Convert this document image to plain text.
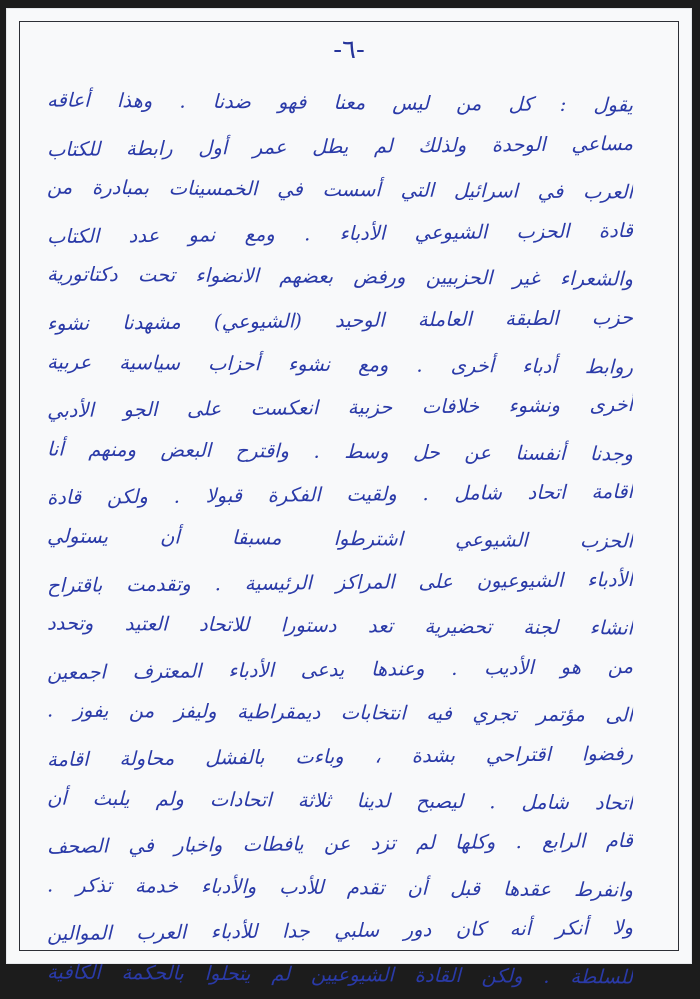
-٦-
يقول : كل من ليس معنا فهو ضدنا . وهذا أعاقه
مساعي الوحدة ولذلك لم يطل عمر أول رابطة للكتاب
العرب في اسرائيل التي أسست في الخمسينات بمبادرة من
قادة الحزب الشيوعي الأدباء . ومع نمو عدد الكتاب
والشعراء غير الحزبيين ورفض بعضهم الانضواء تحت دكتاتورية
حزب الطبقة العاملة الوحيد (الشيوعي) مشهدنا نشوء
روابط أدباء أخرى . ومع نشوء أحزاب سياسية عربية
أخرى ونشوء خلافات حزبية انعكست على الجو الأدبي
وجدنا أنفسنا عن حل وسط . واقترح البعض ومنهم أنا
اقامة اتحاد شامل . ولقيت الفكرة قبولا . ولكن قادة
الحزب الشيوعي اشترطوا مسبقا أن يستولي
الأدباء الشيوعيون على المراكز الرئيسية . وتقدمت باقتراح
انشاء لجنة تحضيرية تعد دستورا للاتحاد العتيد وتحدد
من هو الأديب . وعندها يدعى الأدباء المعترف اجمعين
الى مؤتمر تجري فيه انتخابات ديمقراطية وليفز من يفوز .
رفضوا اقتراحي بشدة ، وباءت بالفشل محاولة اقامة
اتحاد شامل . ليصبح لدينا ثلاثة اتحادات ولم يلبث أن
قام الرابع . وكلها لم تزد عن يافطات واخبار في الصحف
وانفرط عقدها قبل أن تقدم للأدب والأدباء خدمة تذكر .
ولا أنكر أنه كان دور سلبي جدا للأدباء العرب الموالين
للسلطة . ولكن القادة الشيوعيين لم يتحلوا بالحكمة الكافية
